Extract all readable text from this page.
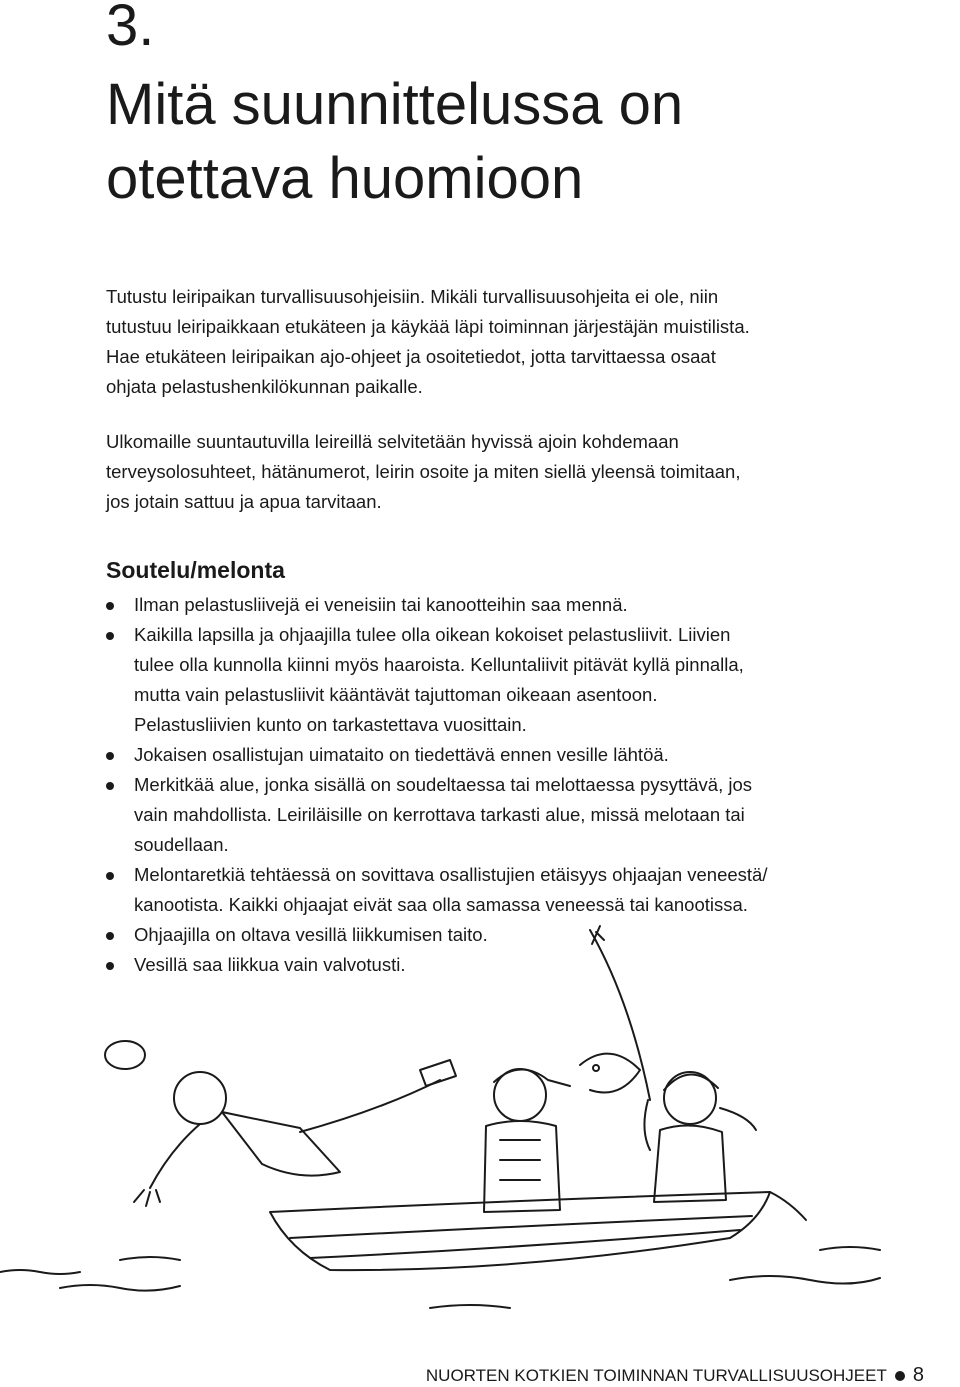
3.
Mitä suunnittelussa on
otettava huomioon
Tutustu leiripaikan turvallisuusohjeisiin. Mikäli turvallisuusohjeita ei ole, niin
tutustuu leiripaikkaan etukäteen ja käykää läpi toiminnan järjestäjän muistilista.
Hae etukäteen leiripaikan ajo-ohjeet ja osoitetiedot, jotta tarvittaessa osaat
ohjata pelastushenkilökunnan paikalle.
Ulkomaille suuntautuvilla leireillä selvitetään hyvissä ajoin kohdemaan
terveysolosuhteet, hätänumerot, leirin osoite ja miten siellä yleensä toimitaan,
jos jotain sattuu ja apua tarvitaan.
Soutelu/melonta
Ilman pelastusliivejä ei veneisiin tai kanootteihin saa mennä.
Kaikilla lapsilla ja ohjaajilla tulee olla oikean kokoiset pelastusliivit. Liivien
tulee olla kunnolla kiinni myös haaroista. Kelluntaliivit pitävät kyllä pinnalla,
mutta vain pelastusliivit kääntävät tajuttoman oikeaan asentoon.
Pelastusliivien kunto on tarkastettava vuosittain.
Jokaisen osallistujan uimataito on tiedettävä ennen vesille lähtöä.
Merkitkää alue, jonka sisällä on soudeltaessa tai melottaessa pysyttävä, jos
vain mahdollista. Leiriläisille on kerrottava tarkasti alue, missä melotaan tai
soudellaan.
Melontaretkiä tehtäessä on sovittava osallistujien etäisyys ohjaajan veneestä/
kanootista. Kaikki ohjaajat eivät saa olla samassa veneessä tai kanootissa.
Ohjaajilla on oltava vesillä liikkumisen taito.
Vesillä saa liikkua vain valvotusti.
NUORTEN KOTKIEN TOIMINNAN TURVALLISUUSOHJEET 8
